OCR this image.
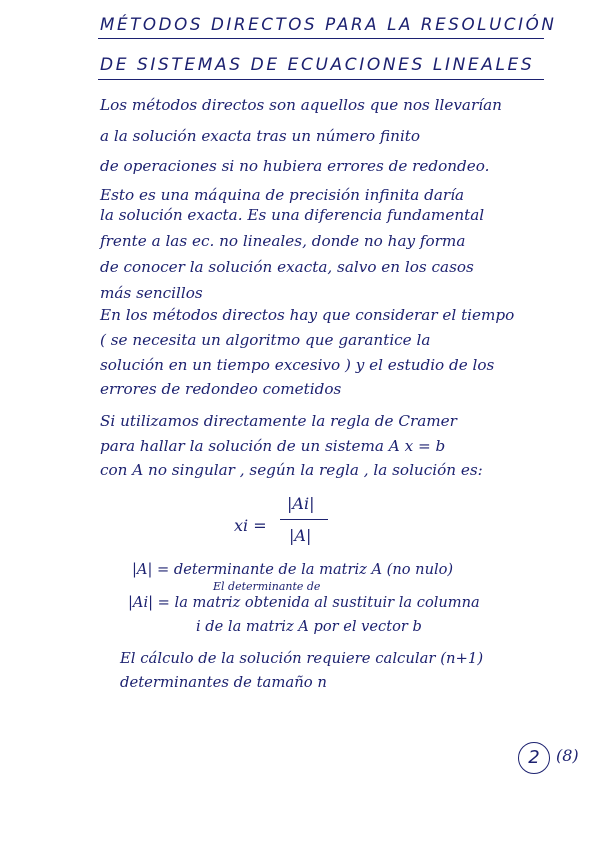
MÉTODOS DIRECTOS PARA LA RESOLUCIÓN
DE SISTEMAS DE ECUACIONES LINEALES
Los métodos directos son aquellos que nos llevarían
a la solución exacta tras un número finito
de operaciones si no hubiera errores de redondeo.
Esto es una máquina de precisión infinita daría
la solución exacta. Es una diferencia fundamental
frente a las ec. no lineales, donde no hay forma
de conocer la solución exacta, salvo en los casos
más sencillos
En los métodos directos hay que considerar el tiempo
( se necesita un algoritmo que garantice la
solución en un tiempo excesivo ) y el estudio de los
errores de redondeo cometidos
Si utilizamos directamente la regla de Cramer
para hallar la solución de un sistema A x = b
con A no singular , según la regla , la solución es:
xi =
|Ai|
|A|
|A| = determinante de la matriz A (no nulo)
El determinante de
|Ai| = la matriz obtenida al sustituir la columna
i de la matriz A por el vector b
El cálculo de la solución requiere calcular (n+1)
determinantes de tamaño n
2	(8)
